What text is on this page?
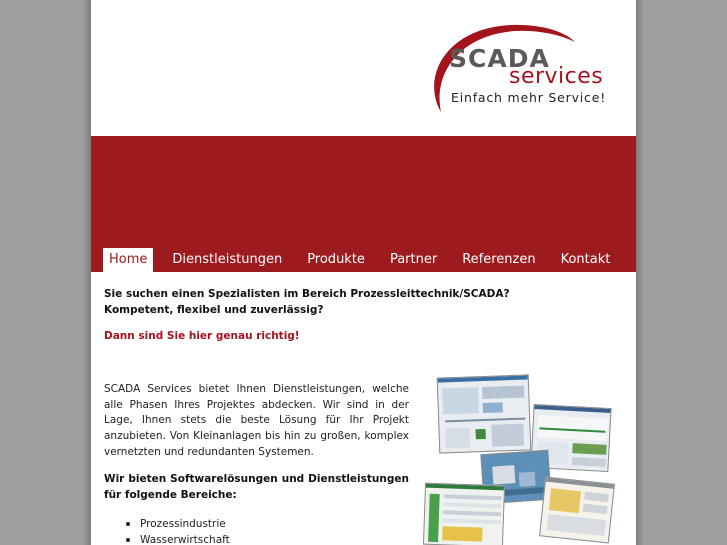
SCADA
services
Einfach mehr Service!
Home	Dienstleistungen	Produkte	Partner	Referenzen	Kontakt
Sie suchen einen Spezialisten im Bereich Prozessleittechnik/SCADA?
Kompetent, flexibel und zuverlässig?
Dann sind Sie hier genau richtig!

SCADA Services bietet Ihnen Dienstleistungen, welche alle Phasen Ihres Projektes abdecken. Wir sind in der Lage, Ihnen stets die beste Lösung für Ihr Projekt anzubieten. Von Kleinanlagen bis hin zu großen, komplex vernetzten und redundanten Systemen.

Wir bieten Softwarelösungen und Dienstleistungen für folgende Bereiche:

Prozessindustrie
Wasserwirtschaft
